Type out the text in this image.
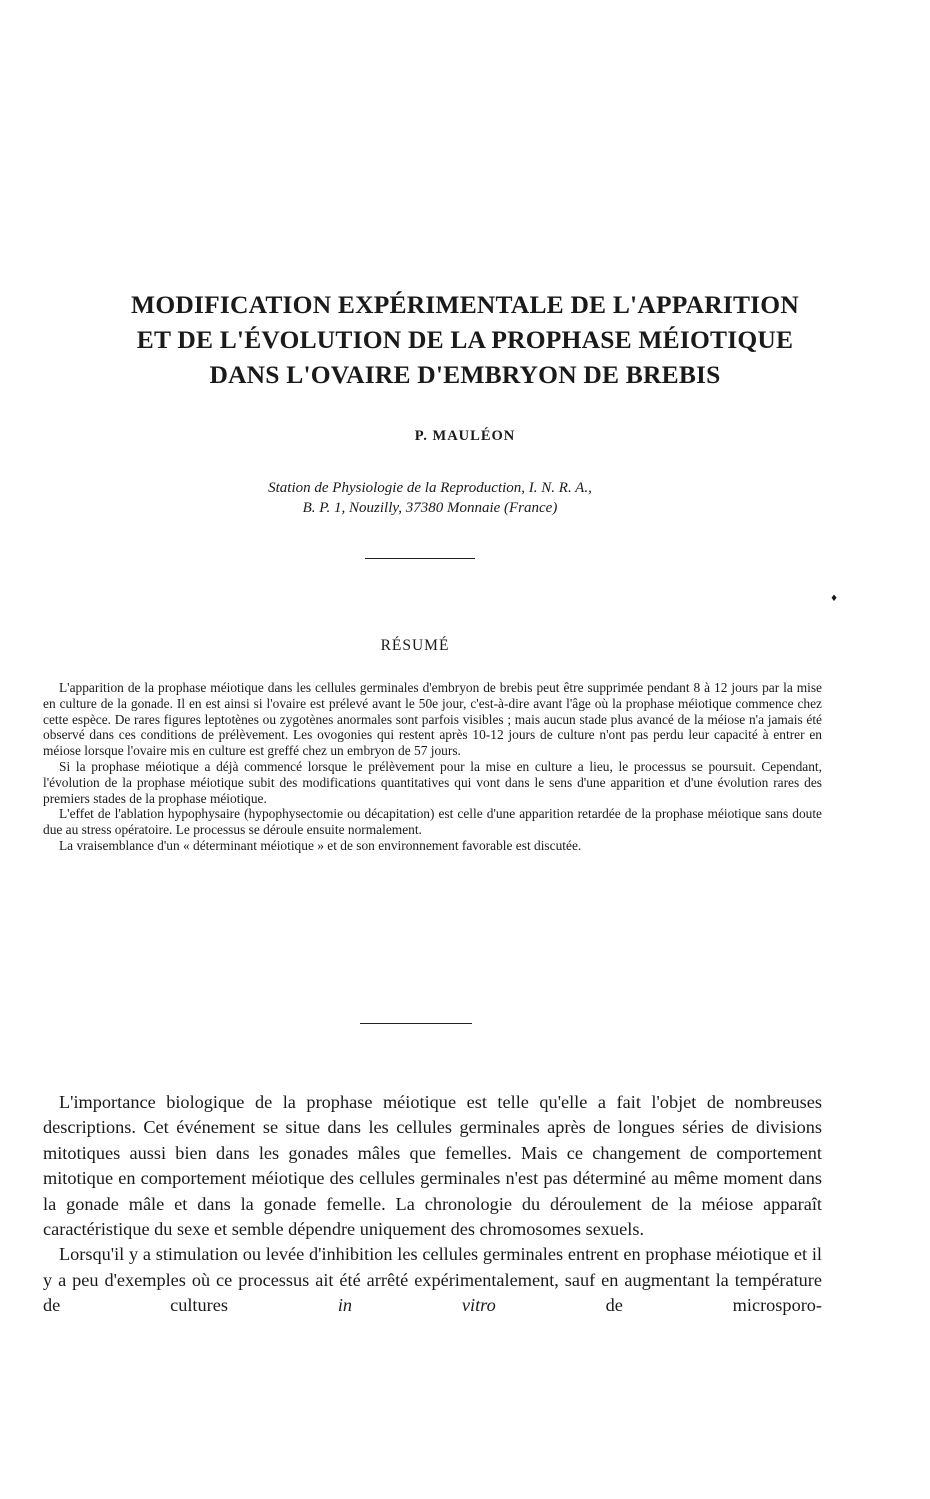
MODIFICATION EXPÉRIMENTALE DE L'APPARITION
ET DE L'ÉVOLUTION DE LA PROPHASE MÉIOTIQUE
DANS L'OVAIRE D'EMBRYON DE BREBIS
P. MAULÉON
Station de Physiologie de la Reproduction, I. N. R. A.,
B. P. 1, Nouzilly, 37380 Monnaie (France)
♦
RÉSUMÉ

L'apparition de la prophase méiotique dans les cellules germinales d'embryon de brebis peut être supprimée pendant 8 à 12 jours par la mise en culture de la gonade. Il en est ainsi si l'ovaire est prélevé avant le 50e jour, c'est-à-dire avant l'âge où la prophase méiotique commence chez cette espèce. De rares figures leptotènes ou zygotènes anormales sont parfois visibles ; mais aucun stade plus avancé de la méiose n'a jamais été observé dans ces conditions de prélèvement. Les ovogonies qui restent après 10-12 jours de culture n'ont pas perdu leur capacité à entrer en méiose lorsque l'ovaire mis en culture est greffé chez un embryon de 57 jours.

Si la prophase méiotique a déjà commencé lorsque le prélèvement pour la mise en culture a lieu, le processus se poursuit. Cependant, l'évolution de la prophase méiotique subit des modifications quantitatives qui vont dans le sens d'une apparition et d'une évolution rares des premiers stades de la prophase méiotique.

L'effet de l'ablation hypophysaire (hypophysectomie ou décapitation) est celle d'une apparition retardée de la prophase méiotique sans doute due au stress opératoire. Le processus se déroule ensuite normalement.

La vraisemblance d'un « déterminant méiotique » et de son environnement favorable est discutée.

L'importance biologique de la prophase méiotique est telle qu'elle a fait l'objet de nombreuses descriptions. Cet événement se situe dans les cellules germinales après de longues séries de divisions mitotiques aussi bien dans les gonades mâles que femelles. Mais ce changement de comportement mitotique en comportement méiotique des cellules germinales n'est pas déterminé au même moment dans la gonade mâle et dans la gonade femelle. La chronologie du déroulement de la méiose apparaît caractéristique du sexe et semble dépendre uniquement des chromosomes sexuels.

Lorsqu'il y a stimulation ou levée d'inhibition les cellules germinales entrent en prophase méiotique et il y a peu d'exemples où ce processus ait été arrêté expérimentalement, sauf en augmentant la température de cultures in vitro de microsporo-
